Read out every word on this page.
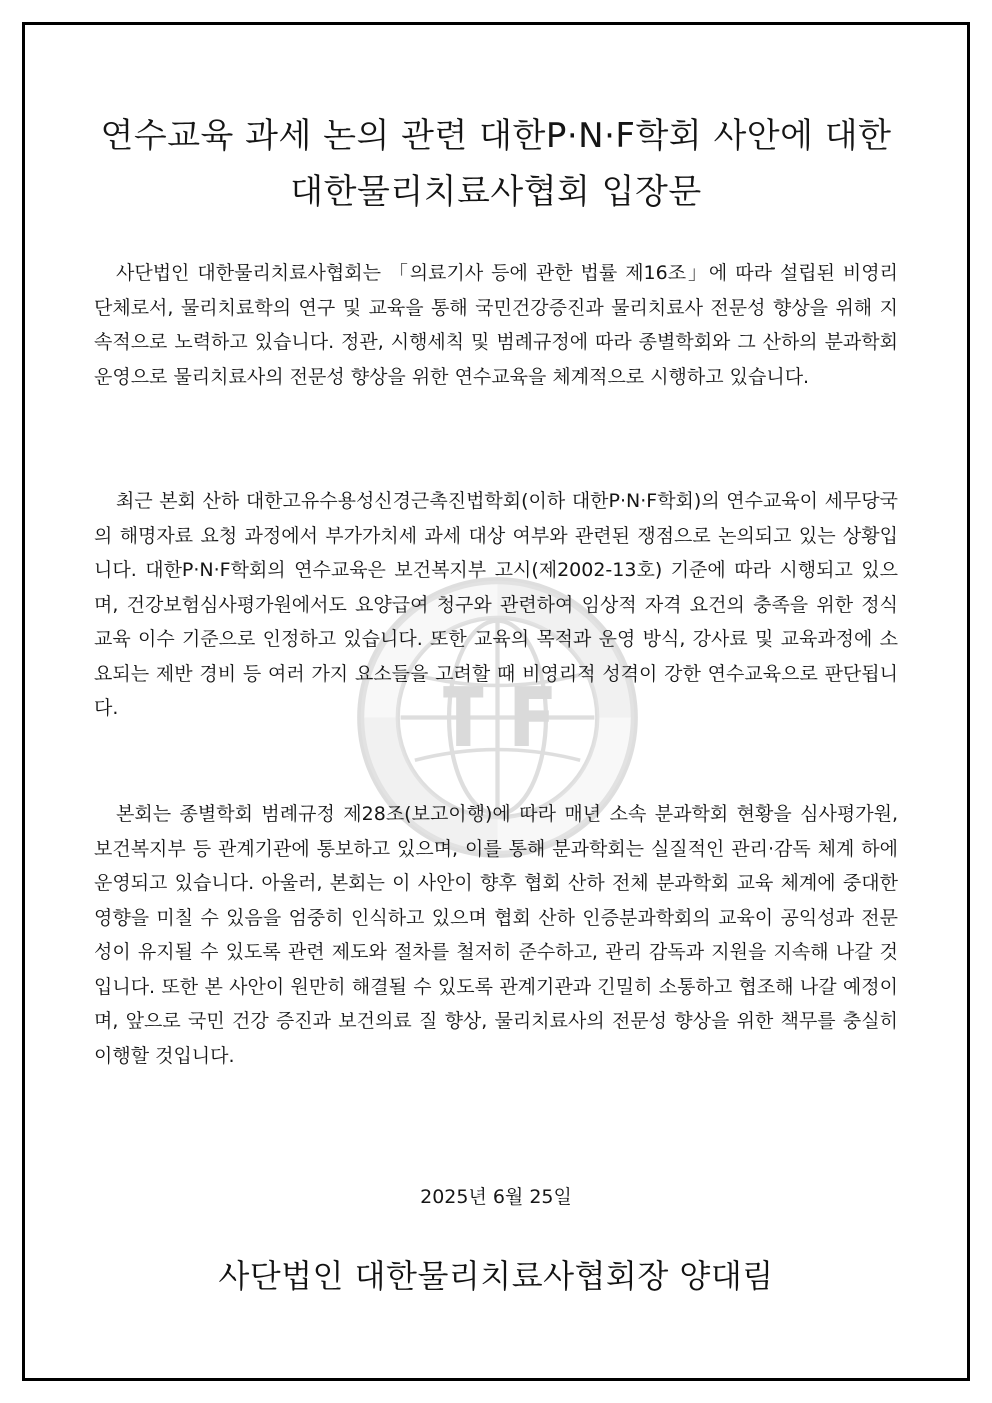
연수교육 과세 논의 관련 대한P·N·F학회 사안에 대한
대한물리치료사협회 입장문

사단법인 대한물리치료사협회는 「의료기사 등에 관한 법률 제16조」에 따라 설립된 비영리 단체로서, 물리치료학의 연구 및 교육을 통해 국민건강증진과 물리치료사 전문성 향상을 위해 지속적으로 노력하고 있습니다. 정관, 시행세칙 및 범례규정에 따라 종별학회와 그 산하의 분과학회 운영으로 물리치료사의 전문성 향상을 위한 연수교육을 체계적으로 시행하고 있습니다.

최근 본회 산하 대한고유수용성신경근촉진법학회(이하 대한P·N·F학회)의 연수교육이 세무당국의 해명자료 요청 과정에서 부가가치세 과세 대상 여부와 관련된 쟁점으로 논의되고 있는 상황입니다. 대한P·N·F학회의 연수교육은 보건복지부 고시(제2002-13호) 기준에 따라 시행되고 있으며, 건강보험심사평가원에서도 요양급여 청구와 관련하여 임상적 자격 요건의 충족을 위한 정식 교육 이수 기준으로 인정하고 있습니다. 또한 교육의 목적과 운영 방식, 강사료 및 교육과정에 소요되는 제반 경비 등 여러 가지 요소들을 고려할 때 비영리적 성격이 강한 연수교육으로 판단됩니다.

본회는 종별학회 범례규정 제28조(보고이행)에 따라 매년 소속 분과학회 현황을 심사평가원, 보건복지부 등 관계기관에 통보하고 있으며, 이를 통해 분과학회는 실질적인 관리·감독 체계 하에 운영되고 있습니다. 아울러, 본회는 이 사안이 향후 협회 산하 전체 분과학회 교육 체계에 중대한 영향을 미칠 수 있음을 엄중히 인식하고 있으며 협회 산하 인증분과학회의 교육이 공익성과 전문성이 유지될 수 있도록 관련 제도와 절차를 철저히 준수하고, 관리 감독과 지원을 지속해 나갈 것입니다. 또한 본 사안이 원만히 해결될 수 있도록 관계기관과 긴밀히 소통하고 협조해 나갈 예정이며, 앞으로 국민 건강 증진과 보건의료 질 향상, 물리치료사의 전문성 향상을 위한 책무를 충실히 이행할 것입니다.

2025년 6월 25일
사단법인 대한물리치료사협회장 양대림
